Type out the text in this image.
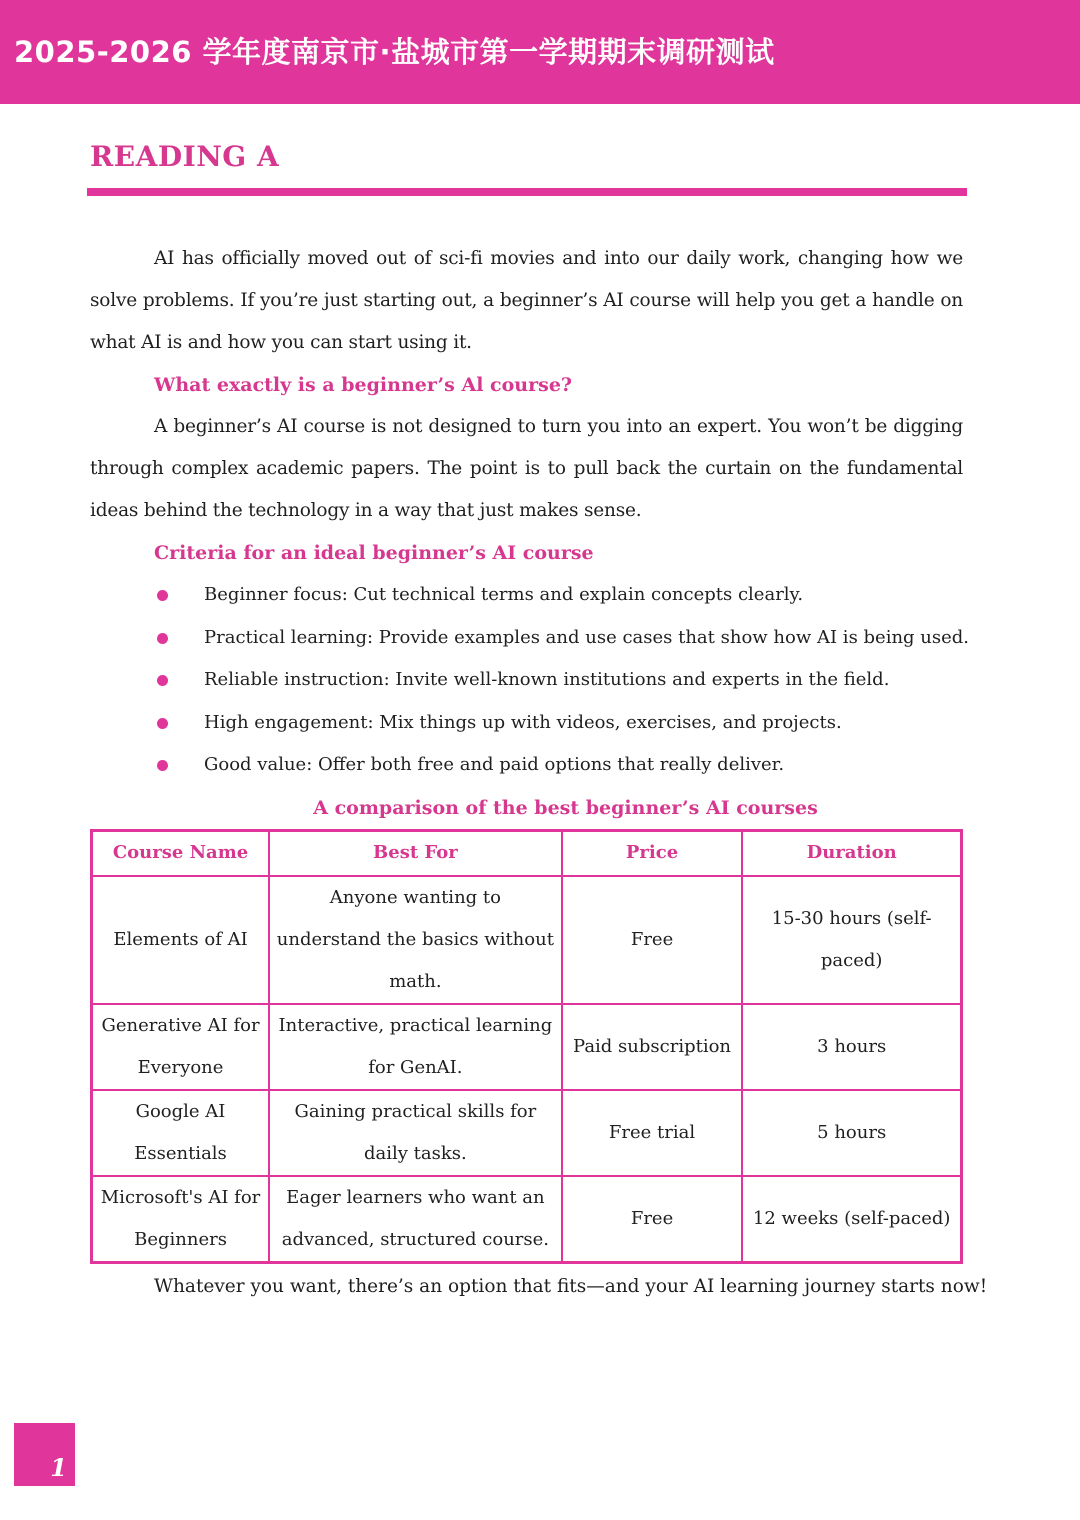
2025-2026 学年度南京市·盐城市第一学期期末调研测试
READING A

AI has officially moved out of sci-fi movies and into our daily work, changing how we solve problems. If you’re just starting out, a beginner’s AI course will help you get a handle on what AI is and how you can start using it.

What exactly is a beginner’s Al course?

A beginner’s AI course is not designed to turn you into an expert. You won’t be digging through complex academic papers. The point is to pull back the curtain on the fundamental ideas behind the technology in a way that just makes sense.

Criteria for an ideal beginner’s AI course

Beginner focus: Cut technical terms and explain concepts clearly.
Practical learning: Provide examples and use cases that show how AI is being used.
Reliable instruction: Invite well-known institutions and experts in the field.
High engagement: Mix things up with videos, exercises, and projects.
Good value: Offer both free and paid options that really deliver.

A comparison of the best beginner’s AI courses

Course Name	Best For	Price	Duration
Elements of AI	Anyone wanting to understand the basics without math.	Free	15-30 hours (self-paced)
Generative AI for Everyone	Interactive, practical learning for GenAI.	Paid subscription	3 hours
Google AI Essentials	Gaining practical skills for daily tasks.	Free trial	5 hours
Microsoft's AI for Beginners	Eager learners who want an advanced, structured course.	Free	12 weeks (self-paced)

Whatever you want, there’s an option that fits—and your AI learning journey starts now!

1
